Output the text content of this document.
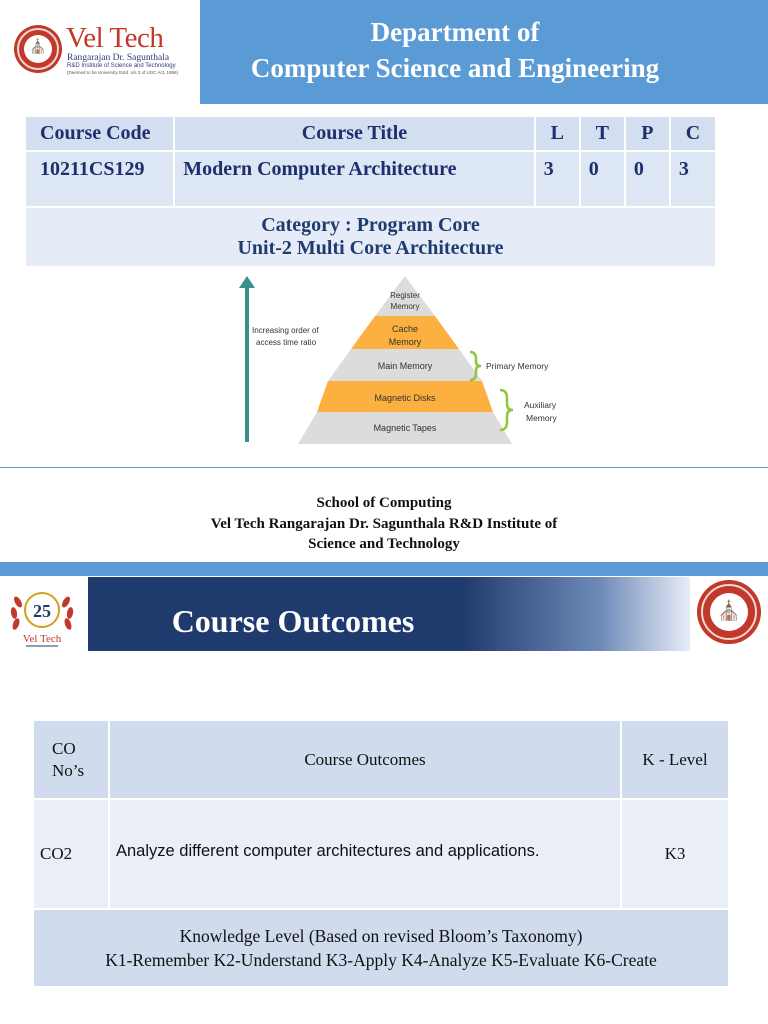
⛪ Vel Tech
Rangarajan Dr. Sagunthala
R&D Institute of Science and Technology
(Deemed to be University Estd. u/s 3 of UGC Act, 1956)
Department of
Computer Science and Engineering
Course Code	Course Title	L	T	P	C
10211CS129	Modern Computer Architecture	3	0	0	3

Category : Program Core
Unit-2 Multi Core Architecture					
Increasing order of
access time ratio
Register
Memory
Cache
Memory
Main Memory
Magnetic Disks
Magnetic Tapes
Primary Memory
Auxiliary
Memory
School of Computing
Vel Tech Rangarajan Dr. Sagunthala R&D Institute of
Science and Technology
25
Vel Tech	Course Outcomes	⛪
CO
No’s	Course Outcomes	K - Level
CO2	Analyze different computer architectures and applications.	K3

Knowledge Level (Based on revised Bloom’s Taxonomy)
K1-Remember K2-Understand K3-Apply K4-Analyze K5-Evaluate K6-Create		
